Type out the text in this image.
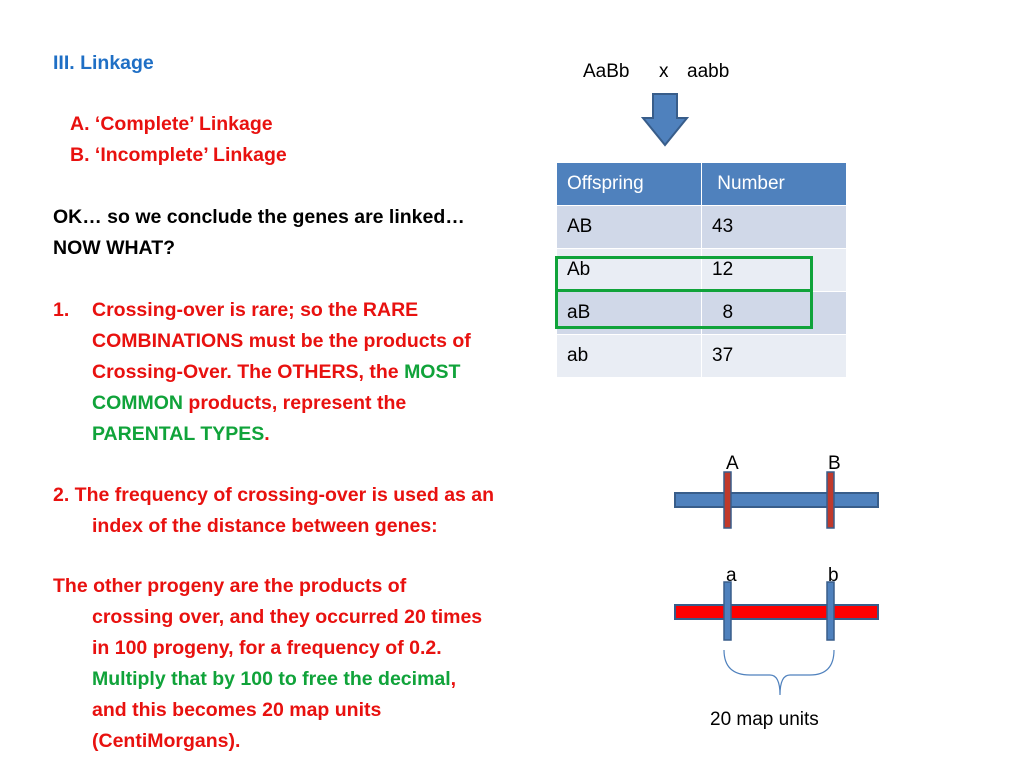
III. Linkage
A. ‘Complete’ Linkage
B. ‘Incomplete’ Linkage
OK… so we conclude the genes are linked…
NOW WHAT?
1. Crossing-over is rare; so the RARE
COMBINATIONS must be the products of
Crossing-Over. The OTHERS, the MOST
COMMON products, represent the
PARENTAL TYPES.
2. The frequency of crossing-over is used as an
index of the distance between genes:
The other progeny are the products of
crossing over, and they occurred 20 times
in 100 progeny, for a frequency of 0.2.
Multiply that by 100 to free the decimal,
and this becomes 20 map units
(CentiMorgans).
AaBb x aabb
Offspring	Number
AB	43
Ab	12
aB	8
ab	37
A	B
a	b
20 map units
